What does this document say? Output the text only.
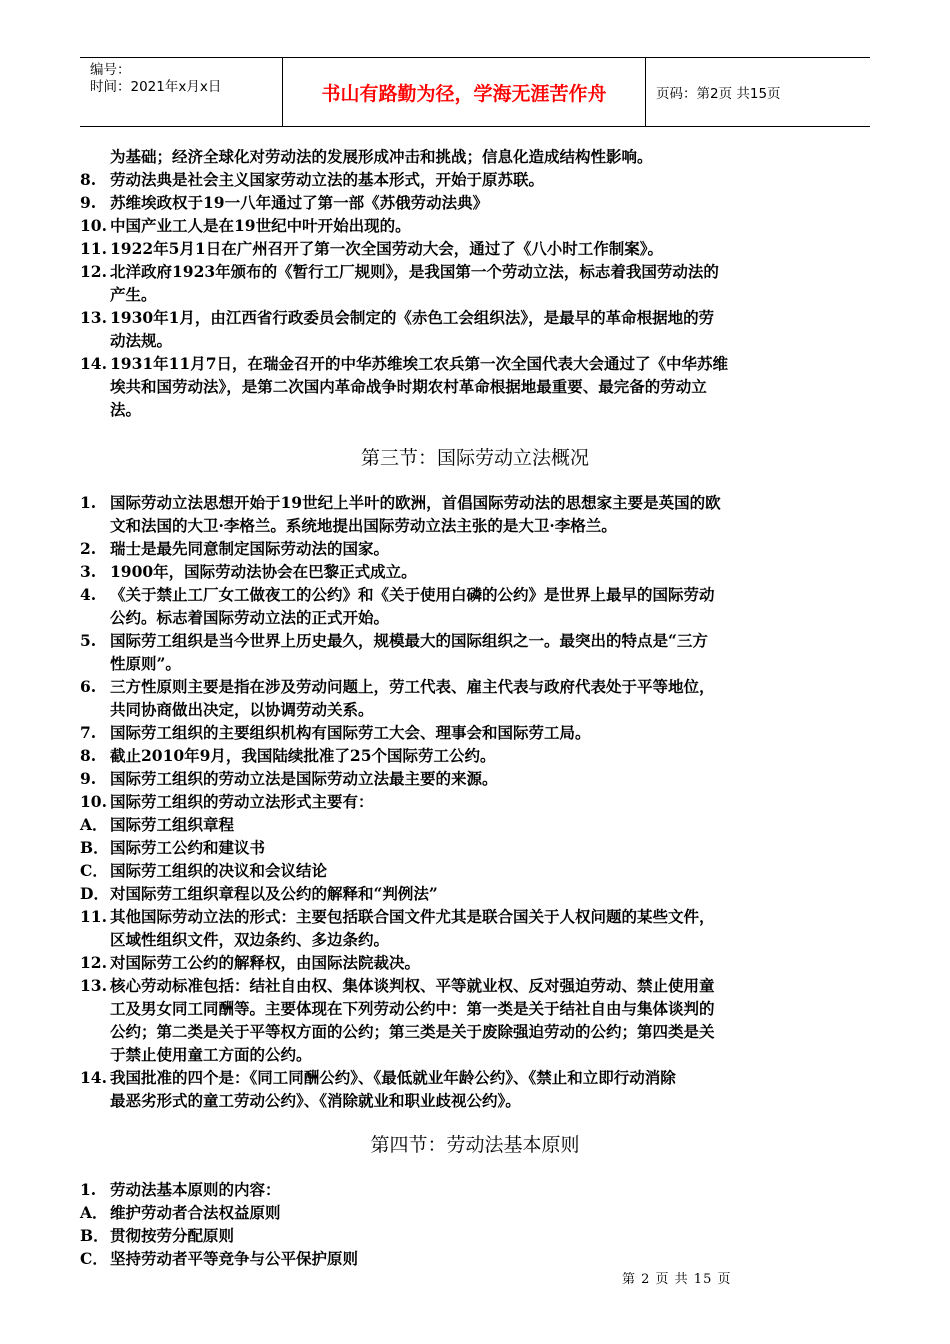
编号：
时间：2021年x月x日	书山有路勤为径，学海无涯苦作舟	页码：第2页 共15页
为基础；经济全球化对劳动法的发展形成冲击和挑战；信息化造成结构性影响。
8. 劳动法典是社会主义国家劳动立法的基本形式，开始于原苏联。
9. 苏维埃政权于19一八年通过了第一部《苏俄劳动法典》
10. 中国产业工人是在19世纪中叶开始出现的。
11. 1922年5月1日在广州召开了第一次全国劳动大会，通过了《八小时工作制案》。
12. 北洋政府1923年颁布的《暂行工厂规则》，是我国第一个劳动立法，标志着我国劳动法的
产生。
13. 1930年1月，由江西省行政委员会制定的《赤色工会组织法》，是最早的革命根据地的劳
动法规。
14. 1931年11月7日，在瑞金召开的中华苏维埃工农兵第一次全国代表大会通过了《中华苏维
埃共和国劳动法》，是第二次国内革命战争时期农村革命根据地最重要、最完备的劳动立
法。
第三节：国际劳动立法概况
1. 国际劳动立法思想开始于19世纪上半叶的欧洲，首倡国际劳动法的思想家主要是英国的欧
文和法国的大卫·李格兰。系统地提出国际劳动立法主张的是大卫·李格兰。
2. 瑞士是最先同意制定国际劳动法的国家。
3. 1900年，国际劳动法协会在巴黎正式成立。
4. 《关于禁止工厂女工做夜工的公约》和《关于使用白磷的公约》是世界上最早的国际劳动
公约。标志着国际劳动立法的正式开始。
5. 国际劳工组织是当今世界上历史最久，规模最大的国际组织之一。最突出的特点是“三方
性原则”。
6. 三方性原则主要是指在涉及劳动问题上，劳工代表、雇主代表与政府代表处于平等地位，
共同协商做出决定，以协调劳动关系。
7. 国际劳工组织的主要组织机构有国际劳工大会、理事会和国际劳工局。
8. 截止2010年9月，我国陆续批准了25个国际劳工公约。
9. 国际劳工组织的劳动立法是国际劳动立法最主要的来源。
10. 国际劳工组织的劳动立法形式主要有：
A． 国际劳工组织章程
B． 国际劳工公约和建议书
C． 国际劳工组织的决议和会议结论
D． 对国际劳工组织章程以及公约的解释和“判例法”
11. 其他国际劳动立法的形式：主要包括联合国文件尤其是联合国关于人权问题的某些文件，
区域性组织文件，双边条约、多边条约。
12. 对国际劳工公约的解释权，由国际法院裁决。
13. 核心劳动标准包括：结社自由权、集体谈判权、平等就业权、反对强迫劳动、禁止使用童
工及男女同工同酬等。主要体现在下列劳动公约中：第一类是关于结社自由与集体谈判的
公约；第二类是关于平等权方面的公约；第三类是关于废除强迫劳动的公约；第四类是关
于禁止使用童工方面的公约。
14. 我国批准的四个是：《同工同酬公约》、《最低就业年龄公约》、《禁止和立即行动消除
最恶劣形式的童工劳动公约》、《消除就业和职业歧视公约》。
第四节：劳动法基本原则
1. 劳动法基本原则的内容：
A． 维护劳动者合法权益原则
B． 贯彻按劳分配原则
C． 坚持劳动者平等竞争与公平保护原则
第 2 页 共 15 页
